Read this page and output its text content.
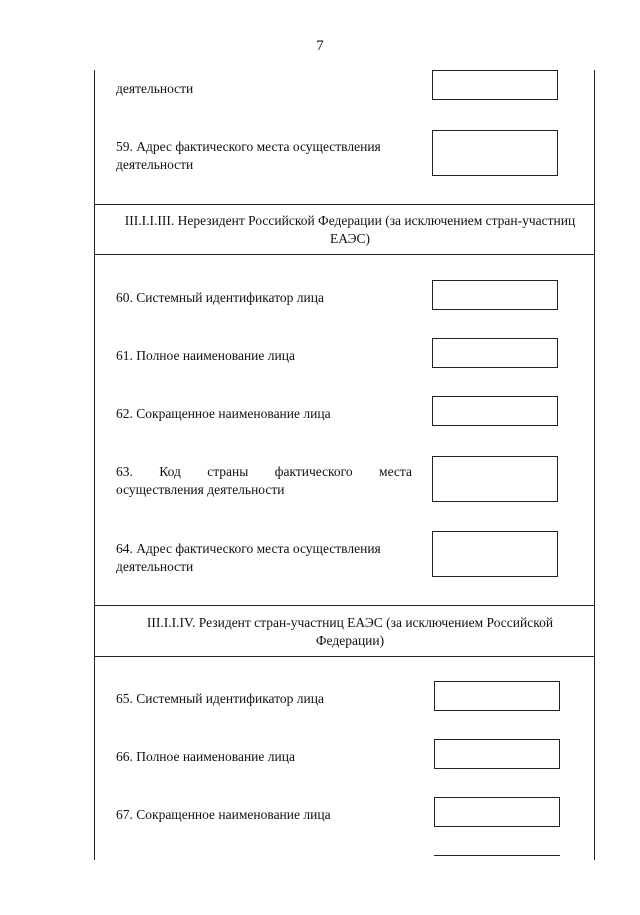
7
деятельности
59. Адрес фактического места осуществления деятельности
III.I.I.III. Нерезидент Российской Федерации (за исключением стран-участниц ЕАЭС)
60. Системный идентификатор лица
61. Полное наименование лица
62. Сокращенное наименование лица
63. Код страны фактического места
осуществления деятельности
64. Адрес фактического места осуществления деятельности
III.I.I.IV. Резидент стран-участниц ЕАЭС (за исключением Российской Федерации)
65. Системный идентификатор лица
66. Полное наименование лица
67. Сокращенное наименование лица
